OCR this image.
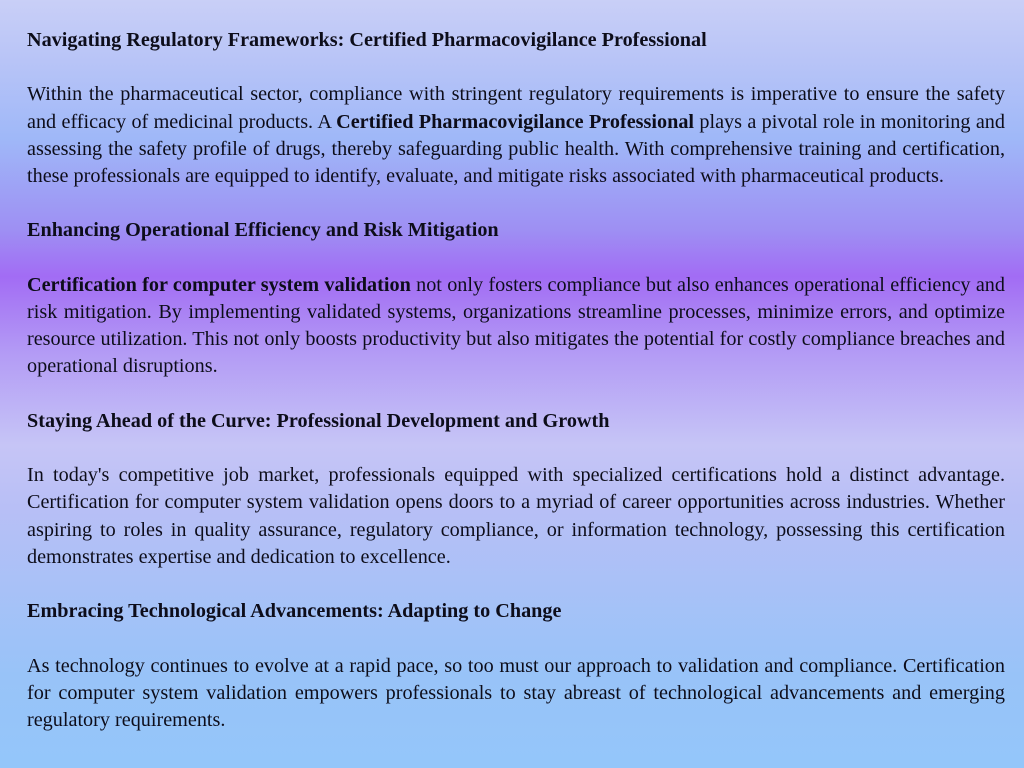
Navigating Regulatory Frameworks: Certified Pharmacovigilance Professional

Within the pharmaceutical sector, compliance with stringent regulatory requirements is imperative to ensure the safety and efficacy of medicinal products. A Certified Pharmacovigilance Professional plays a pivotal role in monitoring and assessing the safety profile of drugs, thereby safeguarding public health. With comprehensive training and certification, these professionals are equipped to identify, evaluate, and mitigate risks associated with pharmaceutical products.

Enhancing Operational Efficiency and Risk Mitigation

Certification for computer system validation not only fosters compliance but also enhances operational efficiency and risk mitigation. By implementing validated systems, organizations streamline processes, minimize errors, and optimize resource utilization. This not only boosts productivity but also mitigates the potential for costly compliance breaches and operational disruptions.

Staying Ahead of the Curve: Professional Development and Growth

In today's competitive job market, professionals equipped with specialized certifications hold a distinct advantage. Certification for computer system validation opens doors to a myriad of career opportunities across industries. Whether aspiring to roles in quality assurance, regulatory compliance, or information technology, possessing this certification demonstrates expertise and dedication to excellence.

Embracing Technological Advancements: Adapting to Change

As technology continues to evolve at a rapid pace, so too must our approach to validation and compliance. Certification for computer system validation empowers professionals to stay abreast of technological advancements and emerging regulatory requirements.
